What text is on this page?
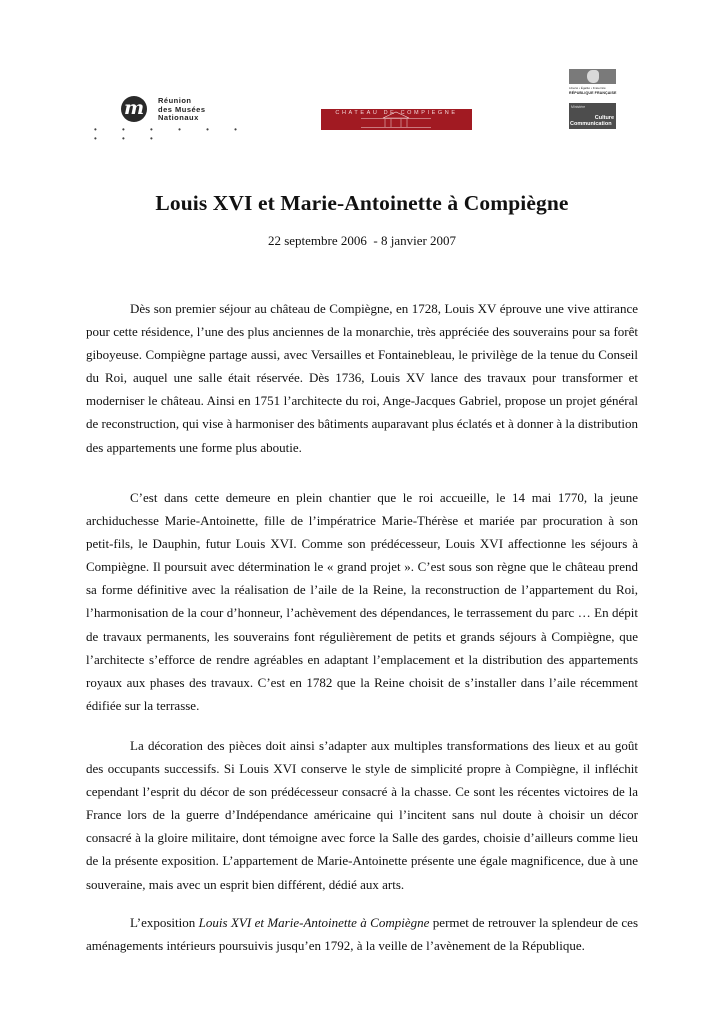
m	Réunion
des Musées
Nationaux
• • • • • • • • •
CHATEAU DE COMPIEGNE
Liberté • Égalité • Fraternité
RÉPUBLIQUE FRANÇAISE
Ministère
Culture
Communication
Louis XVI et Marie-Antoinette à Compiègne
22 septembre 2006  - 8 janvier 2007

Dès son premier séjour au château de Compiègne, en 1728, Louis XV éprouve une vive attirance pour cette résidence, l’une des plus anciennes de la monarchie, très appréciée des souverains pour sa forêt giboyeuse. Compiègne partage aussi, avec Versailles et Fontainebleau, le privilège de la tenue du Conseil du Roi, auquel une salle était réservée. Dès 1736, Louis XV lance des travaux pour transformer et moderniser le château. Ainsi en 1751 l’architecte du roi, Ange-Jacques Gabriel, propose un projet général de reconstruction, qui vise à harmoniser des bâtiments auparavant plus éclatés et à donner à la distribution des appartements une forme plus aboutie.

C’est dans cette demeure en plein chantier que le roi accueille, le 14 mai 1770, la jeune archiduchesse Marie-Antoinette, fille de l’impératrice Marie-Thérèse et mariée par procuration à son petit-fils, le Dauphin, futur Louis XVI. Comme son prédécesseur, Louis XVI affectionne les séjours à Compiègne. Il poursuit avec détermination le « grand projet ». C’est sous son règne que le château prend sa forme définitive avec la réalisation de l’aile de la Reine, la reconstruction de l’appartement du Roi, l’harmonisation de la cour d’honneur, l’achèvement des dépendances, le terrassement du parc … En dépit de travaux permanents, les souverains font régulièrement de petits et grands séjours à Compiègne, que l’architecte s’efforce de rendre agréables en adaptant l’emplacement et la distribution des appartements royaux aux phases des travaux. C’est en 1782 que la Reine choisit de s’installer dans l’aile récemment édifiée sur la terrasse.

La décoration des pièces doit ainsi s’adapter aux multiples transformations des lieux et au goût des occupants successifs. Si Louis XVI conserve le style de simplicité propre à Compiègne, il infléchit cependant l’esprit du décor de son prédécesseur consacré à la chasse. Ce sont les récentes victoires de la France lors de la guerre d’Indépendance américaine qui l’incitent sans nul doute à choisir un décor consacré à la gloire militaire, dont témoigne avec force la Salle des gardes, choisie d’ailleurs comme lieu de la présente exposition. L’appartement de Marie-Antoinette présente une égale magnificence, due à une souveraine, mais avec un esprit bien différent, dédié aux arts.

L’exposition Louis XVI et Marie-Antoinette à Compiègne permet de retrouver la splendeur de ces aménagements intérieurs poursuivis jusqu’en 1792, à la veille de l’avènement de la République.
